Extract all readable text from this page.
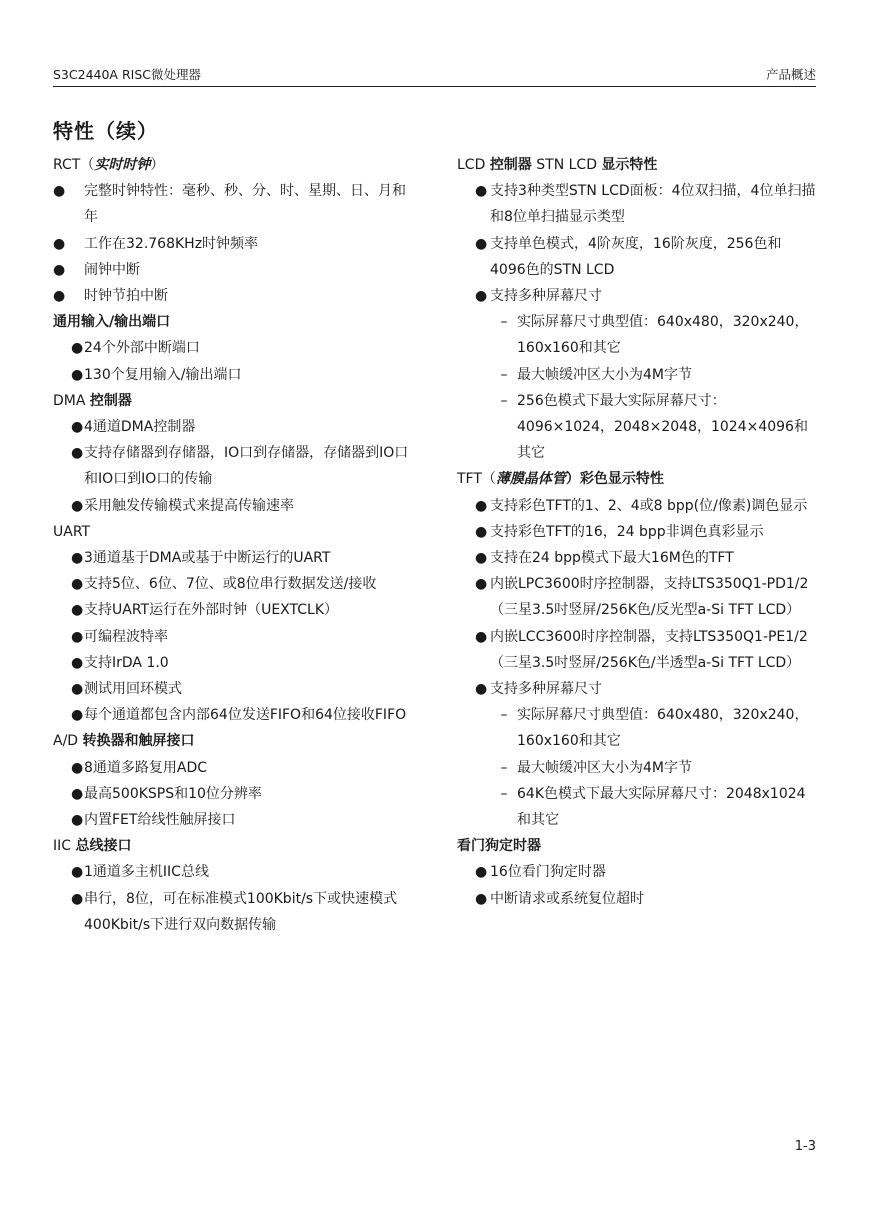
S3C2440A RISC微处理器	产品概述
特性（续）
RCT（实时时钟）
● 完整时钟特性：毫秒、秒、分、时、星期、日、月和年
● 工作在32.768KHz时钟频率
● 闹钟中断
● 时钟节拍中断
通用输入/输出端口
● 24个外部中断端口
● 130个复用输入/输出端口
DMA 控制器
● 4通道DMA控制器
● 支持存储器到存储器，IO口到存储器，存储器到IO口和IO口到IO口的传输
● 采用触发传输模式来提高传输速率
UART
● 3通道基于DMA或基于中断运行的UART
● 支持5位、6位、7位、或8位串行数据发送/接收
● 支持UART运行在外部时钟（UEXTCLK）
● 可编程波特率
● 支持IrDA 1.0
● 测试用回环模式
● 每个通道都包含内部64位发送FIFO和64位接收FIFO
A/D 转换器和触屏接口
● 8通道多路复用ADC
● 最高500KSPS和10位分辨率
● 内置FET给线性触屏接口
IIC 总线接口
● 1通道多主机IIC总线
● 串行，8位，可在标准模式100Kbit/s下或快速模式400Kbit/s下进行双向数据传输
LCD 控制器 STN LCD 显示特性
● 支持3种类型STN LCD面板：4位双扫描，4位单扫描和8位单扫描显示类型
● 支持单色模式，4阶灰度，16阶灰度，256色和4096色的STN LCD
● 支持多种屏幕尺寸
– 实际屏幕尺寸典型值：640x480，320x240，160x160和其它
– 最大帧缓冲区大小为4M字节
– 256色模式下最大实际屏幕尺寸：4096×1024，2048×2048，1024×4096和其它
TFT（薄膜晶体管）彩色显示特性
● 支持彩色TFT的1、2、4或8 bpp(位/像素)调色显示
● 支持彩色TFT的16，24 bpp非调色真彩显示
● 支持在24 bpp模式下最大16M色的TFT
● 内嵌LPC3600时序控制器，支持LTS350Q1-PD1/2（三星3.5吋竖屏/256K色/反光型a-Si TFT LCD）
● 内嵌LCC3600时序控制器，支持LTS350Q1-PE1/2（三星3.5吋竖屏/256K色/半透型a-Si TFT LCD）
● 支持多种屏幕尺寸
– 实际屏幕尺寸典型值：640x480，320x240，160x160和其它
– 最大帧缓冲区大小为4M字节
– 64K色模式下最大实际屏幕尺寸：2048x1024和其它
看门狗定时器
● 16位看门狗定时器
● 中断请求或系统复位超时
1-3
